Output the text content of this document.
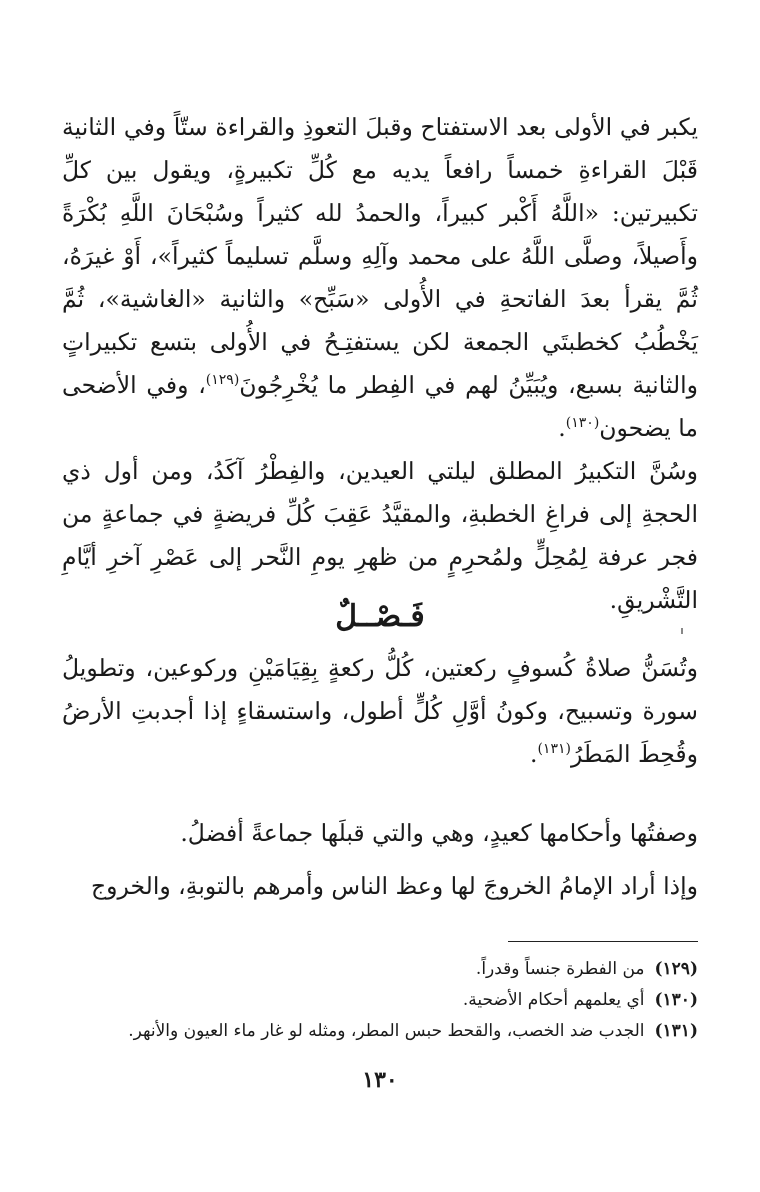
يكبر في الأولى بعد الاستفتاح وقبلَ التعوذِ والقراءة ستّاً وفي الثانية قَبْلَ القراءةِ خمساً رافعاً يديه مع كُلِّ تكبيرةٍ، ويقول بين كلِّ تكبيرتين: «اللَّهُ أَكْبر كبيراً، والحمدُ لله كثيراً وسُبْحَانَ اللَّهِ بُكْرَةً وأَصيلاً، وصلَّى اللَّهُ على محمد وآلِهِ وسلَّم تسليماً كثيراً»، أَوْ غيرَهُ، ثُمَّ يقرأ بعدَ الفاتحةِ في الأُولى «سَبِّح» والثانية «الغاشية»، ثُمَّ يَخْطُبُ كخطبتَي الجمعة لكن يستفتِـحُ في الأُولى بتسع تكبيراتٍ والثانية بسبع، ويُبَيِّنُ لهم في الفِطر ما يُخْرِجُونَ$^{(١٢٩)}$، وفي الأضحى ما يضحون$^{(١٣٠)}$.

وسُنَّ التكبيرُ المطلق ليلتي العيدين، والفِطْرُ آكَدُ، ومن أول ذي الحجةِ إلى فراغِ الخطبةِ، والمقيَّدُ عَقِبَ كُلِّ فريضةٍ في جماعةٍ من فجر عرفة لِمُحِلٍّ ولمُحرِمٍ من ظهرِ يومِ النَّحر إلى عَصْرِ آخرِ أيَّامِ التَّشْريقِ.

فَـصْــلٌ

وتُسَنُّ صلاةُ كُسوفٍ ركعتين، كُلُّ ركعةٍ بِقِيَامَيْنِ وركوعين، وتطويلُ سورة وتسبيح، وكونُ أوَّلِ كُلٍّ أطول، واستسقاءٍ إذا أجدبتِ الأرضُ وقُحِطَ المَطَرُ$^{(١٣١)}$.

وصفتُها وأحكامها كعيدٍ، وهي والتي قبلَها جماعةً أفضلُ.

وإذا أراد الإمامُ الخروجَ لها وعظ الناس وأمرهم بالتوبةِ، والخروج

(١٢٩)من الفطرة جنساً وقدراً.
(١٣٠)أي يعلمهم أحكام الأضحية.
(١٣١)الجدب ضد الخصب، والقحط حبس المطر، ومثله لو غار ماء العيون والأنهر.
١٣٠
